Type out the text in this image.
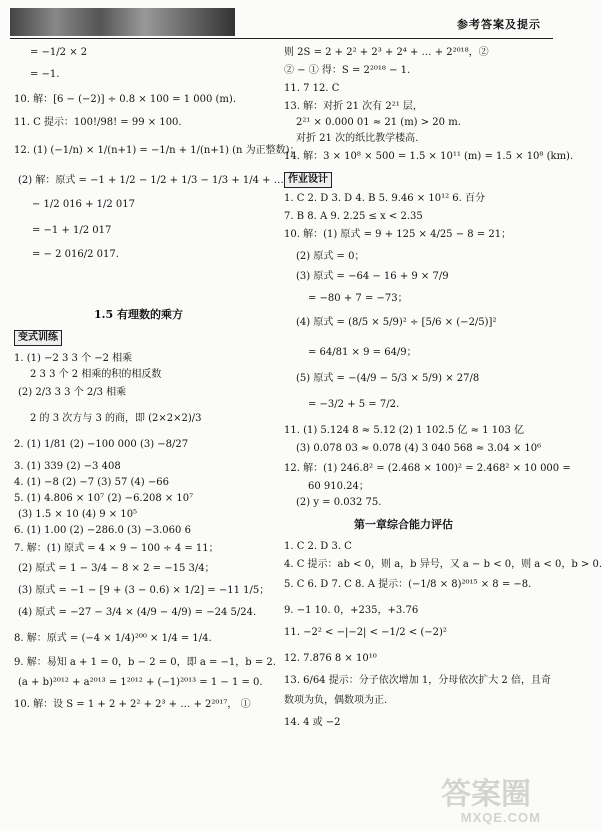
参考答案及提示
= −1/2 × 2
= −1.
10. 解：[6 − (−2)] ÷ 0.8 × 100 = 1 000 (m).
11. C 提示：100!/98! = 99 × 100.
12. (1) (−1/n) × 1/(n+1) = −1/n + 1/(n+1) (n 为正整数)；
(2) 解：原式 = −1 + 1/2 − 1/2 + 1/3 − 1/3 + 1/4 + …
− 1/2 016 + 1/2 017
= −1 + 1/2 017
= − 2 016/2 017.
1.5 有理数的乘方
变式训练
1. (1) −2 3 3 个 −2 相乘
2 3 3 个 2 相乘的积的相反数
(2) 2/3 3 3 个 2/3 相乘
2 的 3 次方与 3 的商，即 (2×2×2)/3
2. (1) 1/81 (2) −100 000 (3) −8/27
3. (1) 339 (2) −3 408
4. (1) −8 (2) −7 (3) 57 (4) −66
5. (1) 4.806 × 10⁷ (2) −6.208 × 10⁷
(3) 1.5 × 10 (4) 9 × 10⁵
6. (1) 1.00 (2) −286.0 (3) −3.060 6
7. 解：(1) 原式 = 4 × 9 − 100 ÷ 4 = 11；
(2) 原式 = 1 − 3/4 − 8 × 2 = −15 3/4；
(3) 原式 = −1 − [9 + (3 − 0.6) × 1/2] = −11 1/5；
(4) 原式 = −27 − 3/4 × (4/9 − 4/9) = −24 5/24.
8. 解：原式 = (−4 × 1/4)²⁰⁰ × 1/4 = 1/4.
9. 解：易知 a + 1 = 0，b − 2 = 0，即 a = −1，b = 2.
(a + b)²⁰¹² + a²⁰¹³ = 1²⁰¹² + (−1)²⁰¹³ = 1 − 1 = 0.
10. 解：设 S = 1 + 2 + 2² + 2³ + … + 2²⁰¹⁷， ①
则 2S = 2 + 2² + 2³ + 2⁴ + … + 2²⁰¹⁸，②
② − ① 得：S = 2²⁰¹⁸ − 1.
11. 7 12. C
13. 解：对折 21 次有 2²¹ 层，
2²¹ × 0.000 01 ≈ 21 (m) > 20 m.
对折 21 次的纸比教学楼高.
14. 解：3 × 10⁸ × 500 = 1.5 × 10¹¹ (m) = 1.5 × 10⁸ (km).
作业设计
1. C 2. D 3. D 4. B 5. 9.46 × 10¹² 6. 百分
7. B 8. A 9. 2.25 ≤ x < 2.35
10. 解：(1) 原式 = 9 + 125 × 4/25 − 8 = 21；
(2) 原式 = 0；
(3) 原式 = −64 − 16 + 9 × 7/9
= −80 + 7 = −73；
(4) 原式 = (8/5 × 5/9)² ÷ [5/6 × (−2/5)]²
= 64/81 × 9 = 64/9；
(5) 原式 = −(4/9 − 5/3 × 5/9) × 27/8
= −3/2 + 5 = 7/2.
11. (1) 5.124 8 ≈ 5.12 (2) 1 102.5 亿 ≈ 1 103 亿
(3) 0.078 03 ≈ 0.078 (4) 3 040 568 ≈ 3.04 × 10⁶
12. 解：(1) 246.8² = (2.468 × 100)² = 2.468² × 10 000 =
60 910.24；
(2) y = 0.032 75.
第一章综合能力评估
1. C 2. D 3. C
4. C 提示：ab < 0，则 a，b 异号，又 a − b < 0，则 a < 0，b > 0.
5. C 6. D 7. C 8. A 提示：(−1/8 × 8)²⁰¹⁵ × 8 = −8.
9. −1 10. 0，+235，+3.76
11. −2² < −|−2| < −1/2 < (−2)²
12. 7.876 8 × 10¹⁰
13. 6/64 提示：分子依次增加 1，分母依次扩大 2 倍，且奇
数项为负，偶数项为正.
14. 4 或 −2
答案圈
MXQE.COM
